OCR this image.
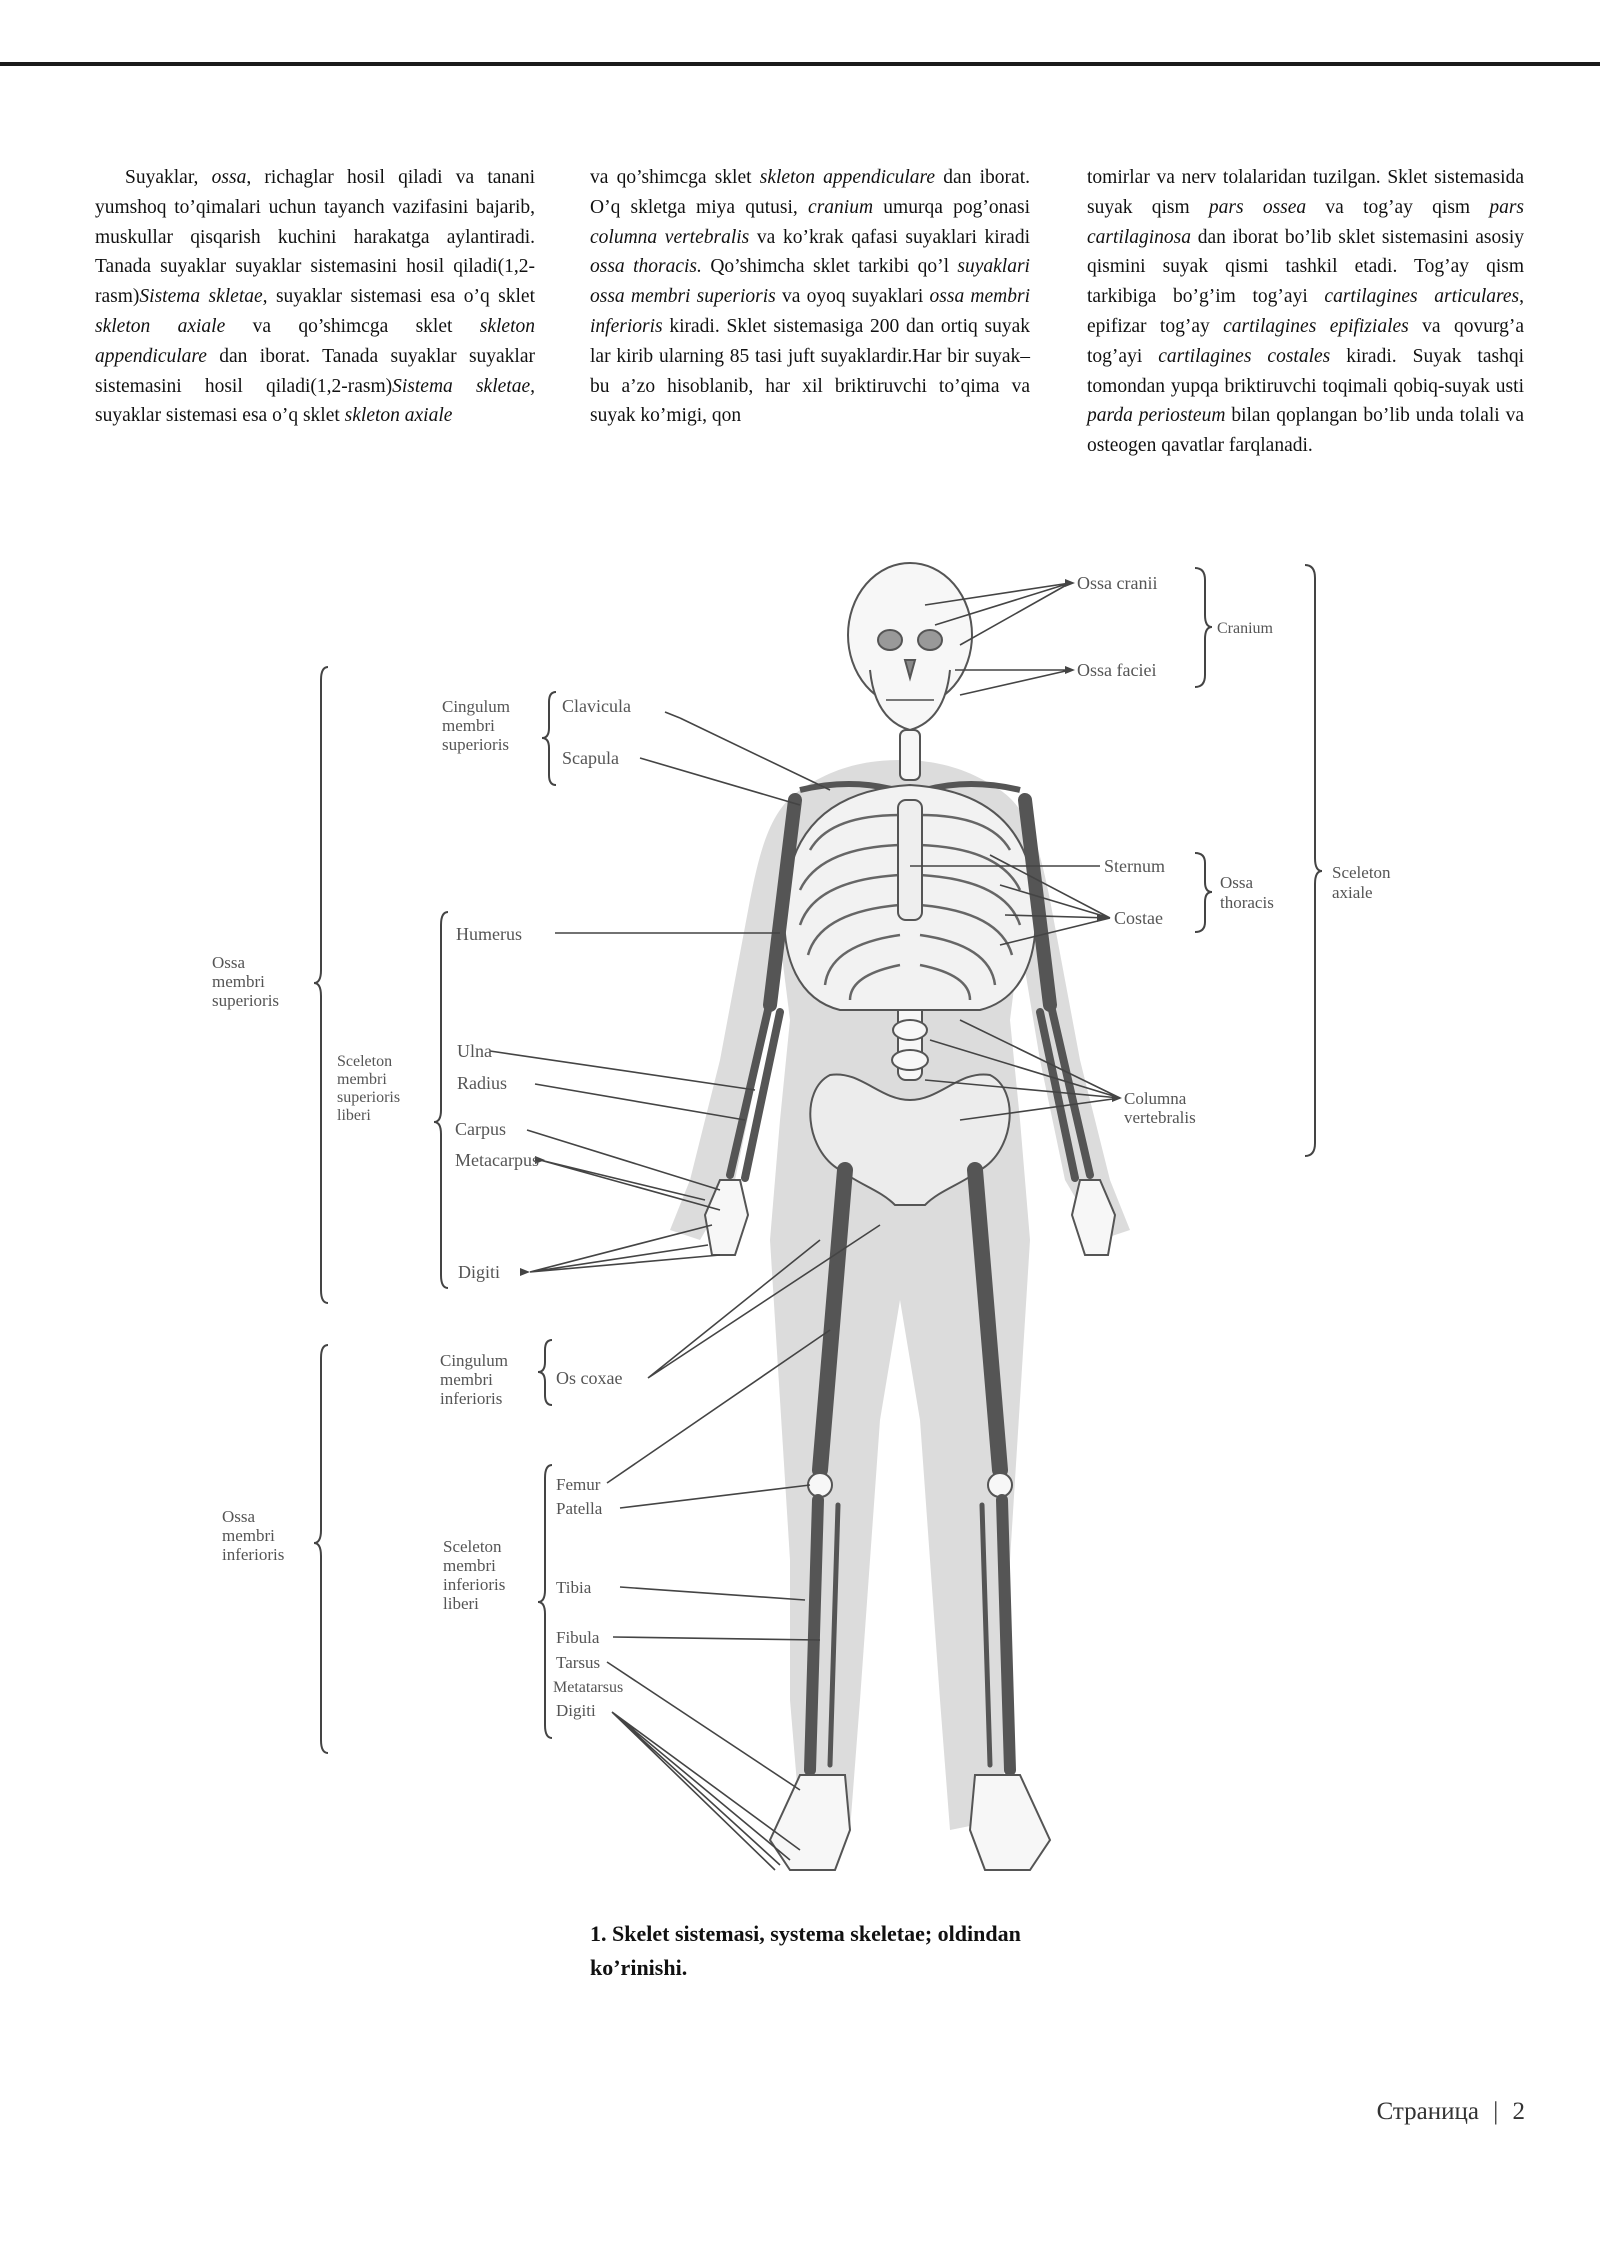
Suyaklar, ossa, richaglar hosil qiladi va tanani yumshoq to’qimalari uchun tayanch vazifasini bajarib, muskullar qisqarish kuchini harakatga aylantiradi. Tanada suyaklar suyaklar sistemasini hosil qiladi(1,2-rasm)Sistema skletae, suyaklar sistemasi esa o’q sklet skleton axiale va qo’shimcga sklet skleton appendiculare dan iborat. Tanada suyaklar suyaklar sistemasini hosil qiladi(1,2-rasm)Sistema skletae, suyaklar sistemasi esa o’q sklet skleton axiale

va qo’shimcga sklet skleton appendiculare dan iborat. O’q skletga miya qutusi, cranium umurqa pog’onasi columna vertebralis va ko’krak qafasi suyaklari kiradi ossa thoracis. Qo’shimcha sklet tarkibi qo’l suyaklari ossa membri superioris va oyoq suyaklari ossa membri inferioris kiradi. Sklet sistemasiga 200 dan ortiq suyak lar kirib ularning 85 tasi juft suyaklardir.Har bir suyak– bu a’zo hisoblanib, har xil briktiruvchi to’qima va suyak ko’migi, qon

tomirlar va nerv tolalaridan tuzilgan. Sklet sistemasida suyak qism pars ossea va tog’ay qism pars cartilaginosa dan iborat bo’lib sklet sistemasini asosiy qismini suyak qismi tashkil etadi. Tog’ay qism tarkibiga bo’g’im tog’ayi cartilagines articulares, epifizar tog’ay cartilagines epifiziales va qovurg’a tog’ayi cartilagines costales kiradi. Suyak tashqi tomondan yupqa briktiruvchi toqimali qobiq-suyak usti parda periosteum bilan qoplangan bo’lib unda tolali va osteogen qavatlar farqlanadi.

Ossa cranii
Cranium
Ossa faciei
Cingulum membri superioris
Clavicula
Scapula
Sternum
Costae
Ossa thoracis
Sceleton axiale
Humerus
Ossa membri superioris
Sceleton membri superioris liberi
Ulna
Radius
Carpus
Metacarpus
Digiti
Columna vertebralis
Cingulum membri inferioris
Os coxae
Ossa membri inferioris
Femur
Patella
Sceleton membri inferioris liberi
Tibia
Fibula
Tarsus
Metatarsus
Digiti
1. Skelet sistemasi, systema skeletae; oldindan ko’rinishi.
Страница | 2
